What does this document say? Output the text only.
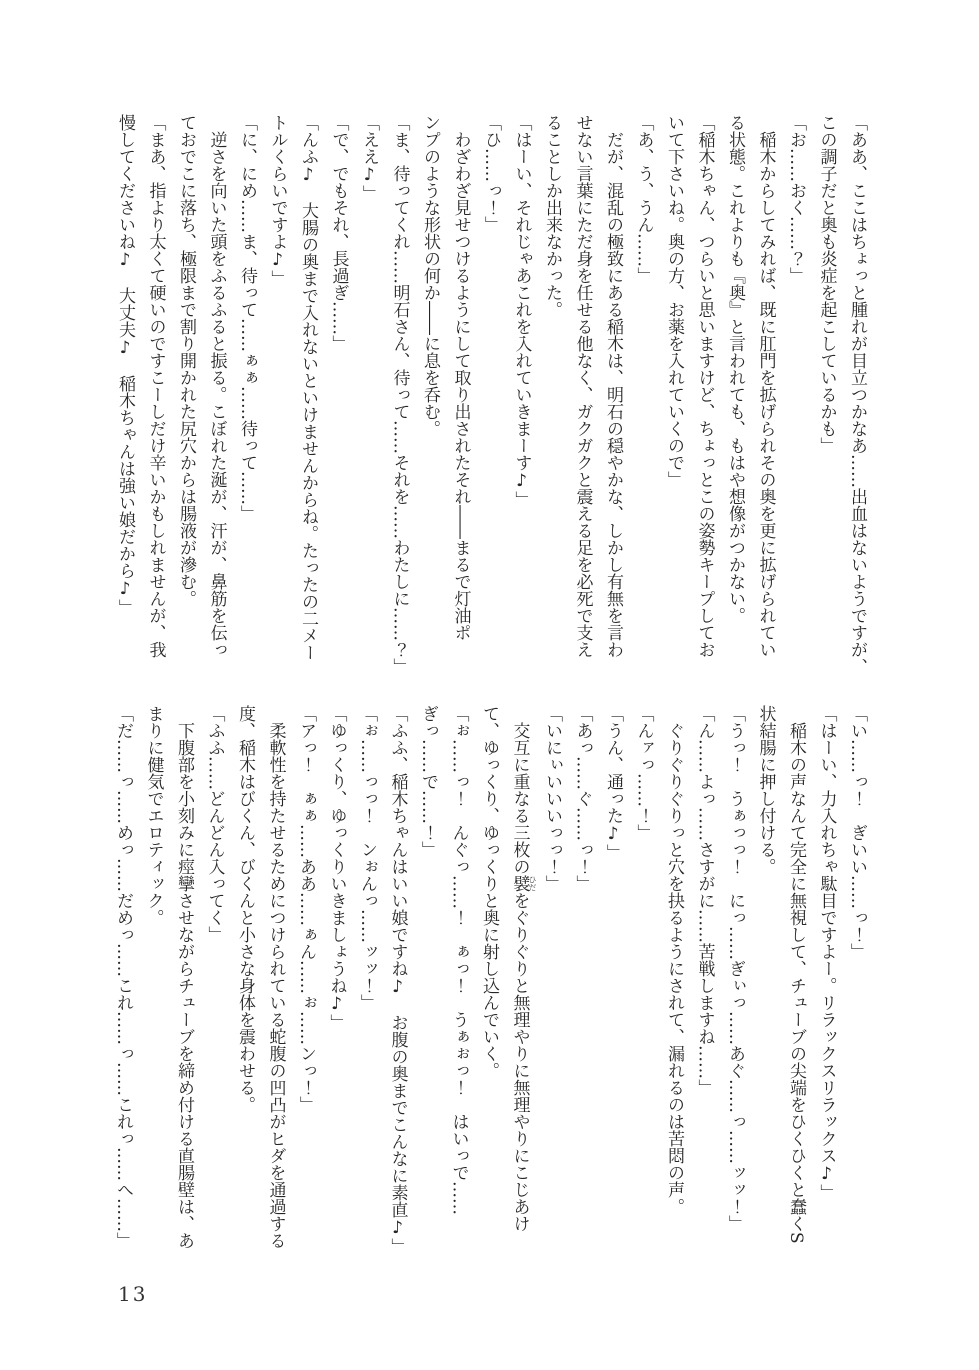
「ああ、ここはちょっと腫れが目立つかなあ……出血はないようですが、

この調子だと奥も炎症を起こしているかも」

「お……おく……？」

稲木からしてみれば、既に肛門を拡げられその奥を更に拡げられてい

る状態。これよりも『奥』と言われても、もはや想像がつかない。

「稲木ちゃん、つらいと思いますけど、ちょっとこの姿勢キープしてお

いて下さいね。奥の方、お薬を入れていくので」

「あ、う、うん……」

だが、混乱の極致にある稲木は、明石の穏やかな、しかし有無を言わ

せない言葉にただ身を任せる他なく、ガクガクと震える足を必死で支え

ることしか出来なかった。

「はーい、それじゃあこれを入れていきまーす♪」

「ひ……っ！」

わざわざ見せつけるようにして取り出されたそれ――まるで灯油ポ

ンプのような形状の何か――に息を呑む。

「ま、待ってくれ……明石さん、待って……それを……わたしに……？」

「ええ♪」

「で、でもそれ、長過ぎ……」

「んふ♪　大腸の奥まで入れないといけませんからね。たったの二メー

トルくらいですよ♪」

「に、にめ……ま、待って……ぁぁ……待って……」

逆さを向いた頭をふるふると振る。こぼれた涎が、汗が、鼻筋を伝っ

ておでこに落ち、極限まで割り開かれた尻穴からは腸液が滲む。

「まあ、指より太くて硬いのですこーしだけ辛いかもしれませんが、我

慢してくださいね♪　大丈夫♪　稲木ちゃんは強い娘だから♪」

「い……っ！　ぎいい……っ！」

「はーい、力入れちゃ駄目ですよー。リラックスリラックス♪」

稲木の声なんて完全に無視して、チューブの尖端をひくひくと蠢くS

状結腸に押し付ける。

「うっ！　うぁっっ！　にっ……ぎぃっ……あぐ……っ……ッッ！」

「ん……よっ……さすがに……苦戦しますね……」

ぐりぐりぐりっと穴を抉るようにされて、漏れるのは苦悶の声。

「んァっ……！」

「うん、通った♪」

「あっ……ぐ……っ！」

「いにぃいいいっっ！」

交互に重なる三枚の襞ひだをぐりぐりと無理やりに無理やりにこじあけ

て、ゆっくり、ゆっくりと奥に射し込んでいく。

「ぉ……っ！　んぐっ……！　ぁっ！　うぁぉっ！　はいっで……

ぎっ……で……！」

「ふふ、稲木ちゃんはいい娘ですね♪　お腹の奥までこんなに素直♪」

「ぉ……っっ！　ンぉんっ……ッッ！」

「ゆっくり、ゆっくりいきましょうね♪」

「アっ！　ぁぁ……ああ……ぁん……ぉ……ンっ！」

柔軟性を持たせるためにつけられている蛇腹の凹凸がヒダを通過する

度、稲木はびくん、びくんと小さな身体を震わせる。

「ふふ……どんどん入ってく」

下腹部を小刻みに痙攣させながらチューブを締め付ける直腸壁は、あ

まりに健気でエロティック。

「だ……っ……めっ……だめっ……これ……っ……これっ……へ……」

13
